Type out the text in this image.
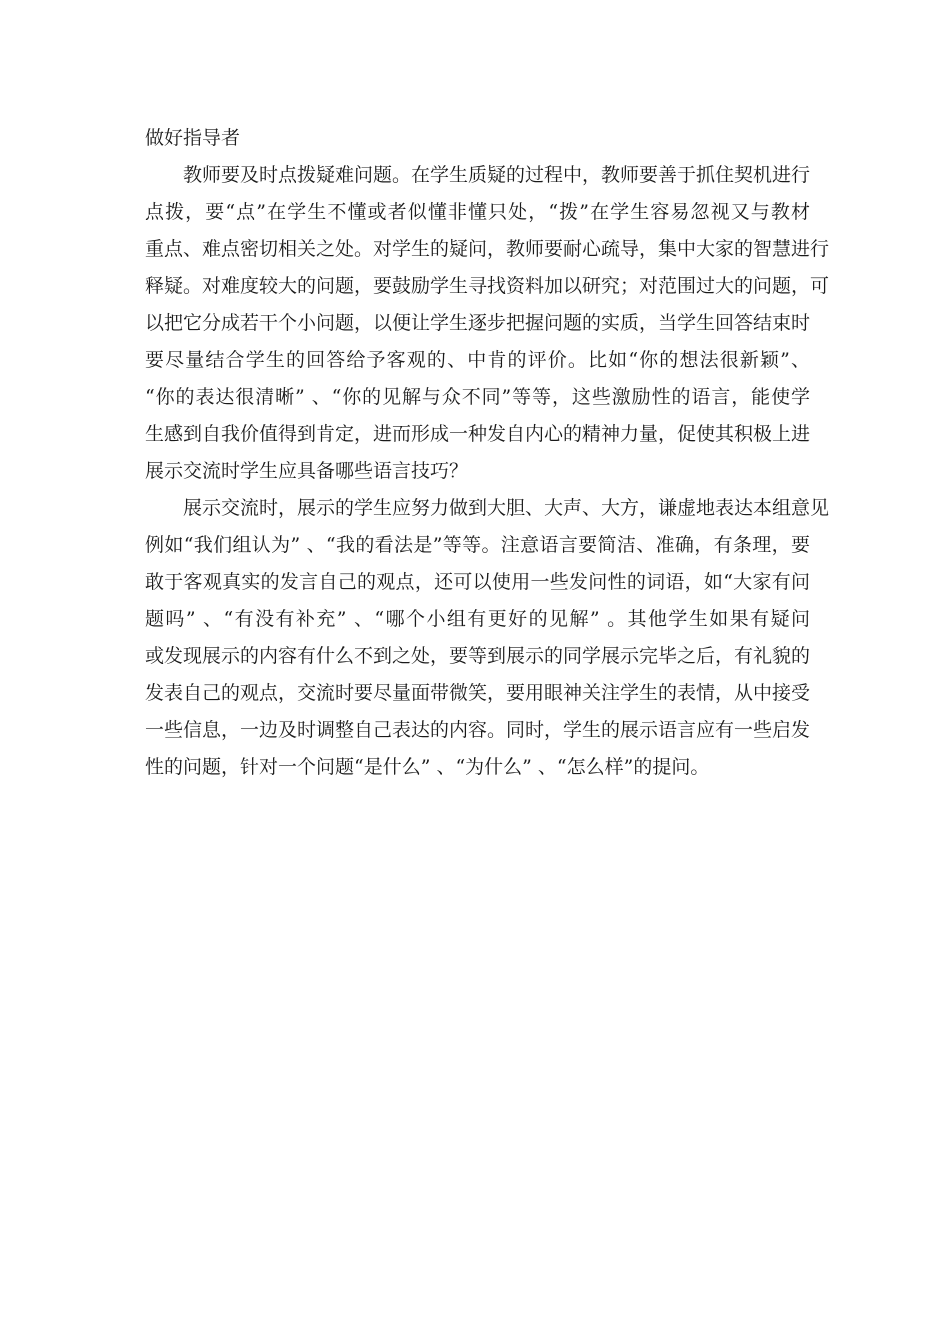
做好指导者
教师要及时点拨疑难问题。在学生质疑的过程中，教师要善于抓住契机进行
点拨，要“点”在学生不懂或者似懂非懂只处，“拨”在学生容易忽视又与教材
重点、难点密切相关之处。对学生的疑问，教师要耐心疏导，集中大家的智慧进行
释疑。对难度较大的问题，要鼓励学生寻找资料加以研究；对范围过大的问题，可
以把它分成若干个小问题，以便让学生逐步把握问题的实质，当学生回答结束时
要尽量结合学生的回答给予客观的、中肯的评价。比如“你的想法很新颖”、
“你的表达很清晰” 、“你的见解与众不同”等等，这些激励性的语言，能使学
生感到自我价值得到肯定，进而形成一种发自内心的精神力量，促使其积极上进
展示交流时学生应具备哪些语言技巧？
展示交流时，展示的学生应努力做到大胆、大声、大方，谦虚地表达本组意见
例如“我们组认为” 、“我的看法是”等等。注意语言要简洁、准确，有条理，要
敢于客观真实的发言自己的观点，还可以使用一些发问性的词语，如“大家有问
题吗” 、“有没有补充” 、“哪个小组有更好的见解” 。其他学生如果有疑问
或发现展示的内容有什么不到之处，要等到展示的同学展示完毕之后，有礼貌的
发表自己的观点，交流时要尽量面带微笑，要用眼神关注学生的表情，从中接受
一些信息，一边及时调整自己表达的内容。同时，学生的展示语言应有一些启发
性的问题，针对一个问题“是什么” 、“为什么” 、“怎么样”的提问。
